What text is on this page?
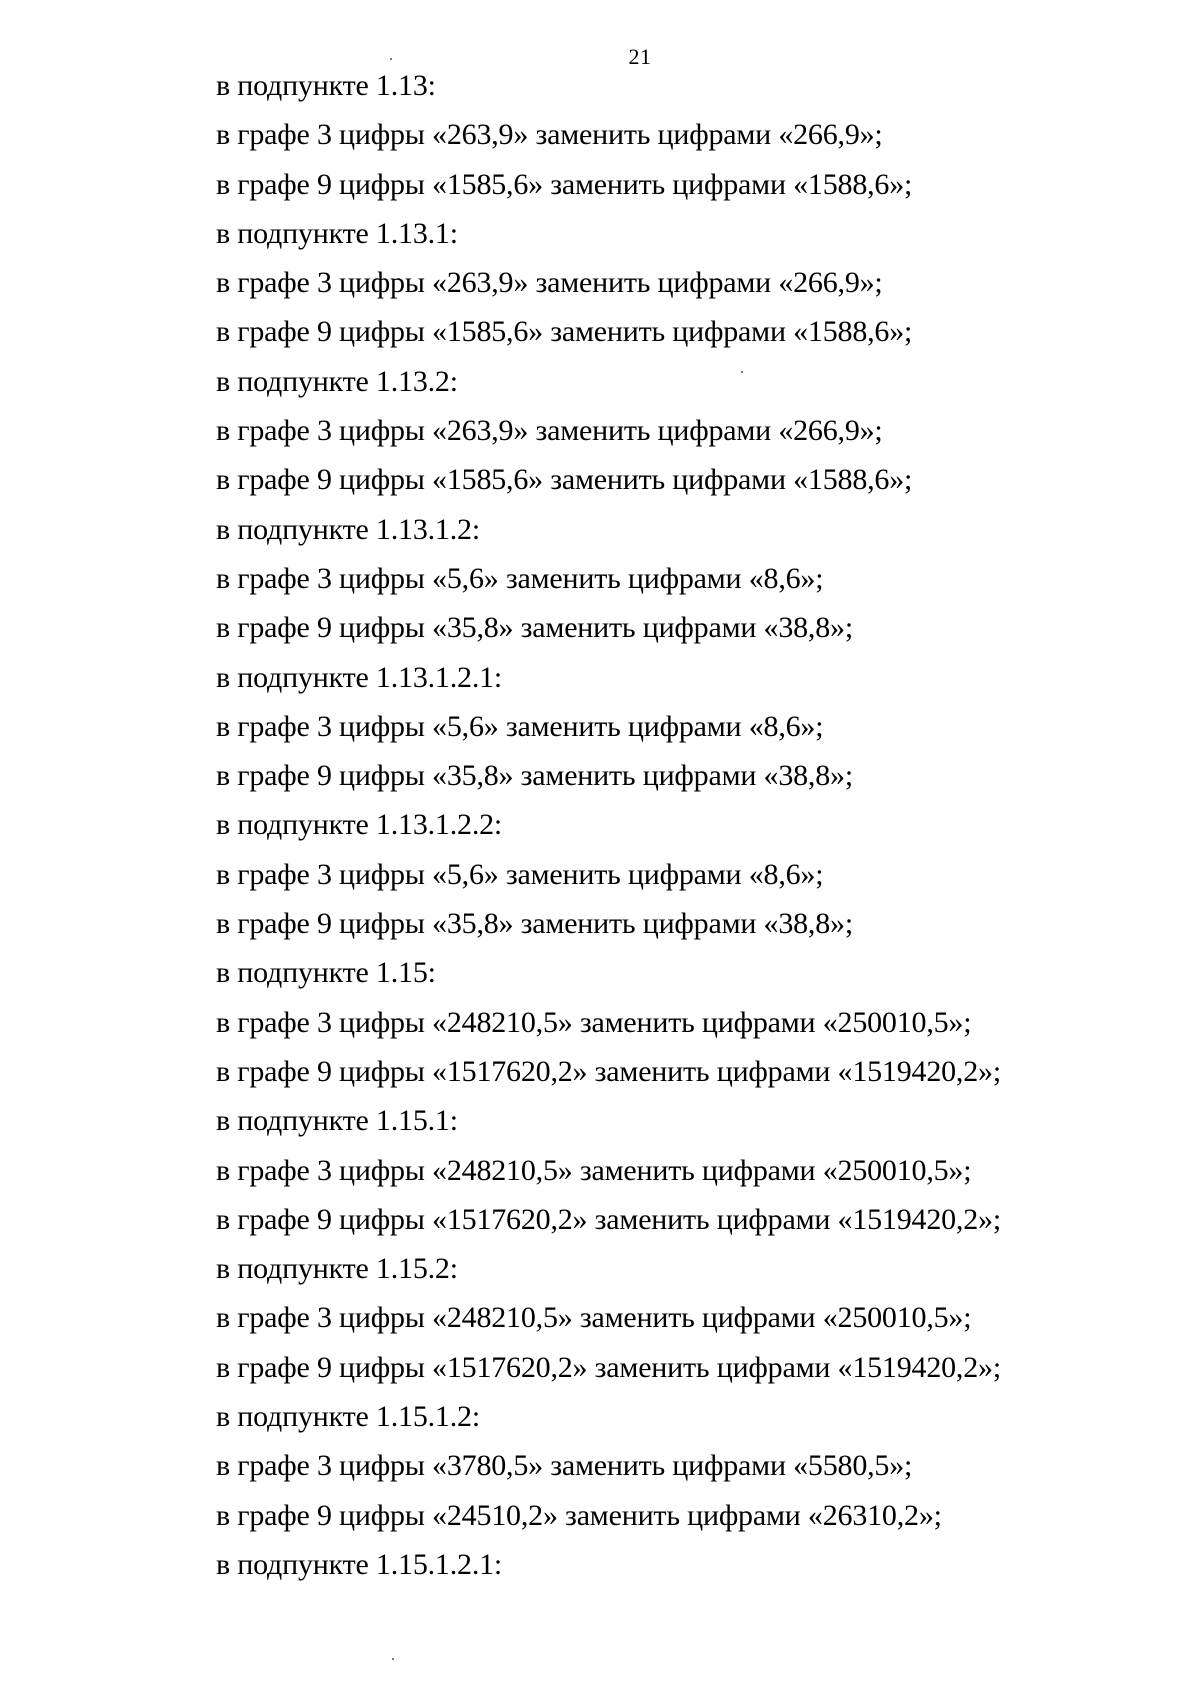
21
в подпункте 1.13:
в графе 3 цифры «263,9» заменить цифрами «266,9»;
в графе 9 цифры «1585,6» заменить цифрами «1588,6»;
в подпункте 1.13.1:
в графе 3 цифры «263,9» заменить цифрами «266,9»;
в графе 9 цифры «1585,6» заменить цифрами «1588,6»;
в подпункте 1.13.2:
в графе 3 цифры «263,9» заменить цифрами «266,9»;
в графе 9 цифры «1585,6» заменить цифрами «1588,6»;
в подпункте 1.13.1.2:
в графе 3 цифры «5,6» заменить цифрами «8,6»;
в графе 9 цифры «35,8» заменить цифрами «38,8»;
в подпункте 1.13.1.2.1:
в графе 3 цифры «5,6» заменить цифрами «8,6»;
в графе 9 цифры «35,8» заменить цифрами «38,8»;
в подпункте 1.13.1.2.2:
в графе 3 цифры «5,6» заменить цифрами «8,6»;
в графе 9 цифры «35,8» заменить цифрами «38,8»;
в подпункте 1.15:
в графе 3 цифры «248210,5» заменить цифрами «250010,5»;
в графе 9 цифры «1517620,2» заменить цифрами «1519420,2»;
в подпункте 1.15.1:
в графе 3 цифры «248210,5» заменить цифрами «250010,5»;
в графе 9 цифры «1517620,2» заменить цифрами «1519420,2»;
в подпункте 1.15.2:
в графе 3 цифры «248210,5» заменить цифрами «250010,5»;
в графе 9 цифры «1517620,2» заменить цифрами «1519420,2»;
в подпункте 1.15.1.2:
в графе 3 цифры «3780,5» заменить цифрами «5580,5»;
в графе 9 цифры «24510,2» заменить цифрами «26310,2»;
в подпункте 1.15.1.2.1:
